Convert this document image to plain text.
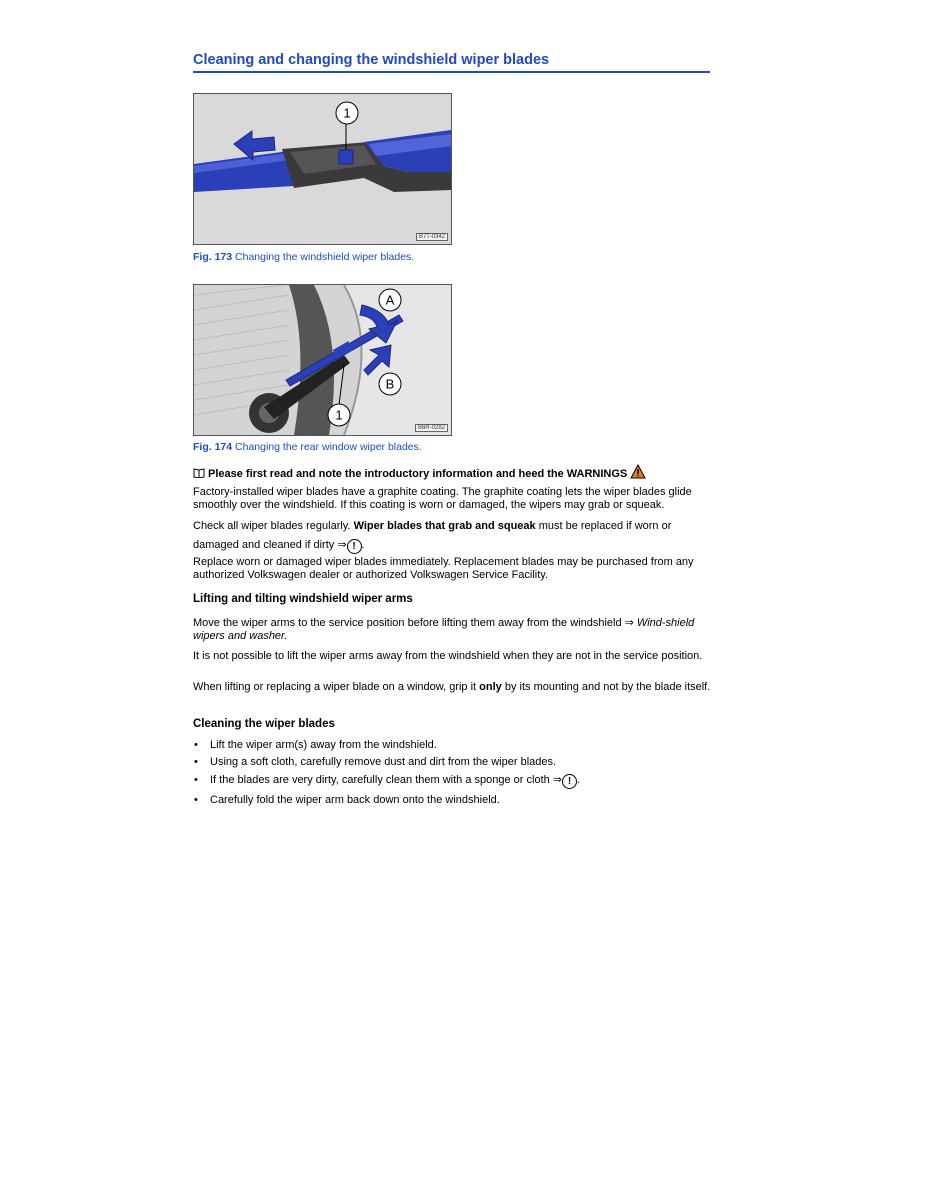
Cleaning and changing the windshield wiper blades
1
B7T-0342
Fig. 173 Changing the windshield wiper blades.
A
B
1
B6R-0282
Fig. 174 Changing the rear window wiper blades.

Please first read and note the introductory information and heed the WARNINGS

Factory-installed wiper blades have a graphite coating. The graphite coating lets the wiper blades glide smoothly over the windshield. If this coating is worn or damaged, the wipers may grab or squeak.

Check all wiper blades regularly. Wiper blades that grab and squeak must be replaced if worn or damaged and cleaned if dirty ⇒ ! .

Replace worn or damaged wiper blades immediately. Replacement blades may be purchased from any authorized Volkswagen dealer or authorized Volkswagen Service Facility.

Lifting and tilting windshield wiper arms

Move the wiper arms to the service position before lifting them away from the windshield ⇒ Wind-shield wipers and washer.

It is not possible to lift the wiper arms away from the windshield when they are not in the service position.

When lifting or replacing a wiper blade on a window, grip it only by its mounting and not by the blade itself.

Cleaning the wiper blades
• Lift the wiper arm(s) away from the windshield.
• Using a soft cloth, carefully remove dust and dirt from the wiper blades.
• If the blades are very dirty, carefully clean them with a sponge or cloth ⇒ ! .
• Carefully fold the wiper arm back down onto the windshield.
